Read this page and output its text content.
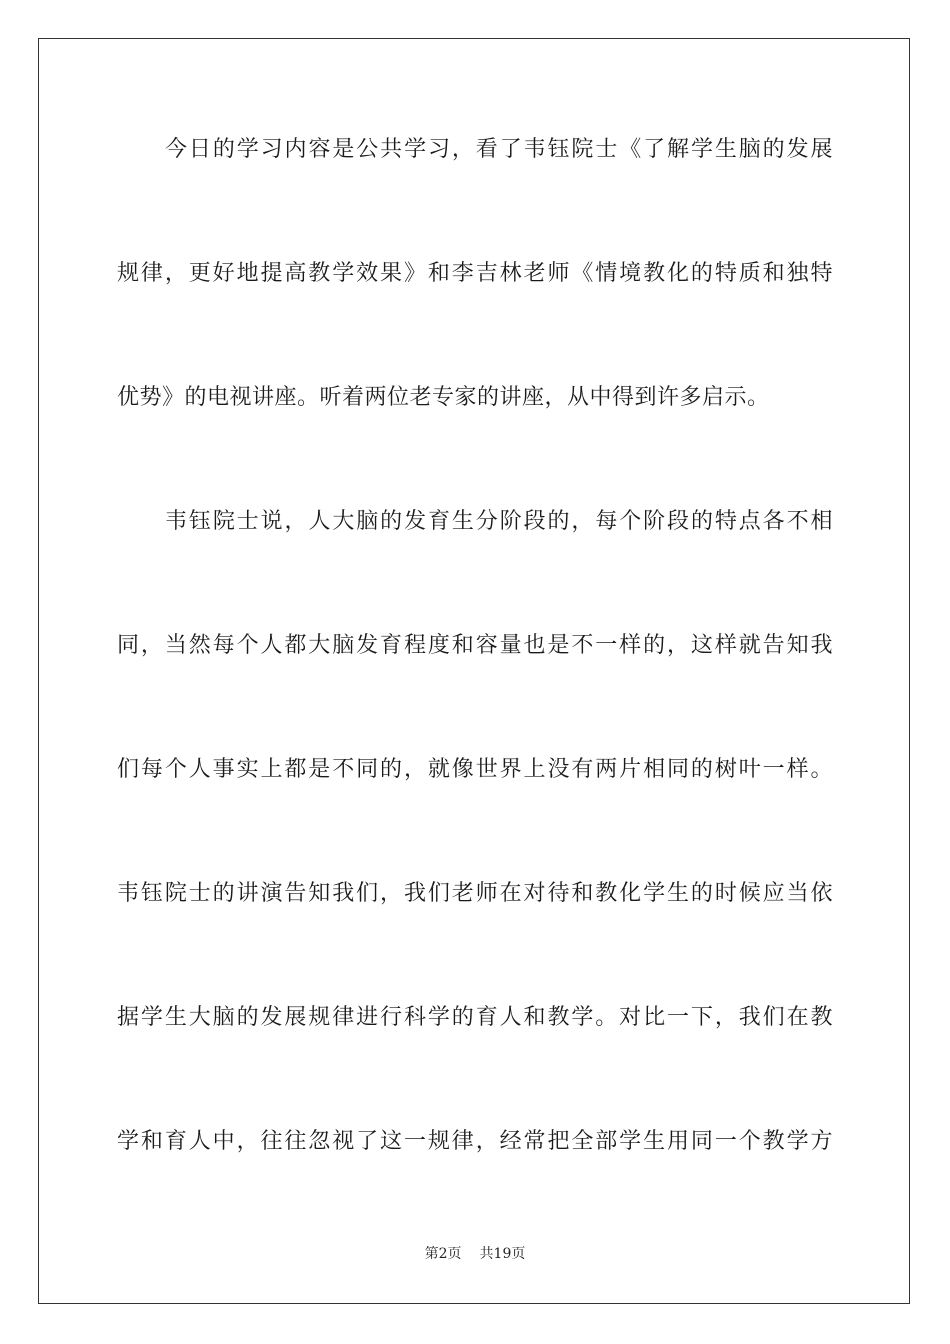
今日的学习内容是公共学习，看了韦钰院士《了解学生脑的发展
规律，更好地提高教学效果》和李吉林老师《情境教化的特质和独特
优势》的电视讲座。听着两位老专家的讲座，从中得到许多启示。
韦钰院士说，人大脑的发育生分阶段的，每个阶段的特点各不相
同，当然每个人都大脑发育程度和容量也是不一样的，这样就告知我
们每个人事实上都是不同的，就像世界上没有两片相同的树叶一样。
韦钰院士的讲演告知我们，我们老师在对待和教化学生的时候应当依
据学生大脑的发展规律进行科学的育人和教学。对比一下，我们在教
学和育人中，往往忽视了这一规律，经常把全部学生用同一个教学方
第2页 共19页
